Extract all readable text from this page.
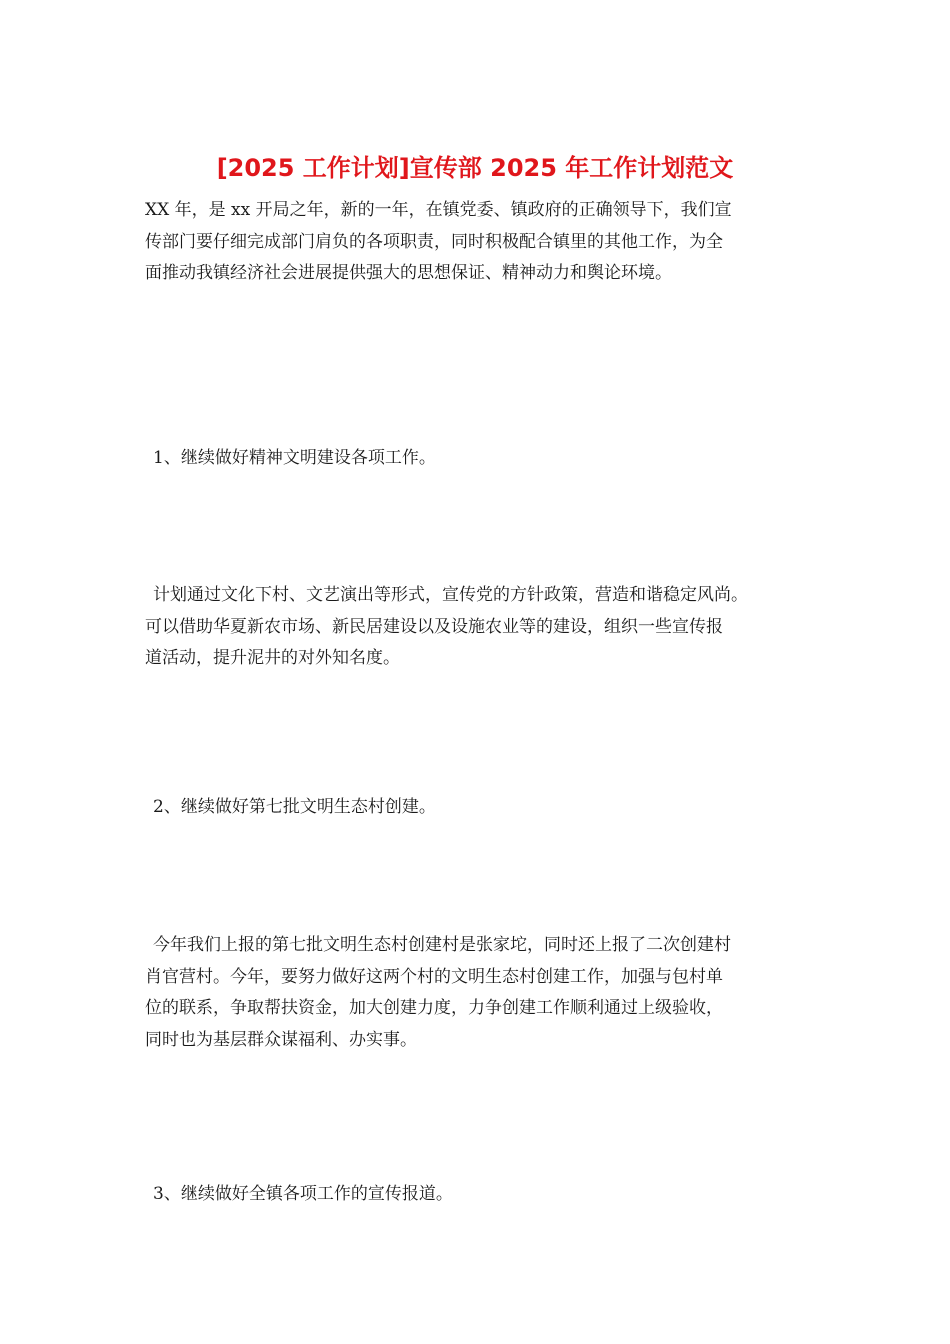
[2025 工作计划]宣传部 2025 年工作计划范文
XX 年，是 xx 开局之年，新的一年，在镇党委、镇政府的正确领导下，我们宣
传部门要仔细完成部门肩负的各项职责，同时积极配合镇里的其他工作，为全
面推动我镇经济社会进展提供强大的思想保证、精神动力和舆论环境。
1、继续做好精神文明建设各项工作。
计划通过文化下村、文艺演出等形式，宣传党的方针政策，营造和谐稳定风尚。
可以借助华夏新农市场、新民居建设以及设施农业等的建设，组织一些宣传报
道活动，提升泥井的对外知名度。
2、继续做好第七批文明生态村创建。
今年我们上报的第七批文明生态村创建村是张家坨，同时还上报了二次创建村
肖官营村。今年，要努力做好这两个村的文明生态村创建工作，加强与包村单
位的联系，争取帮扶资金，加大创建力度，力争创建工作顺利通过上级验收，
同时也为基层群众谋福利、办实事。
3、继续做好全镇各项工作的宣传报道。
